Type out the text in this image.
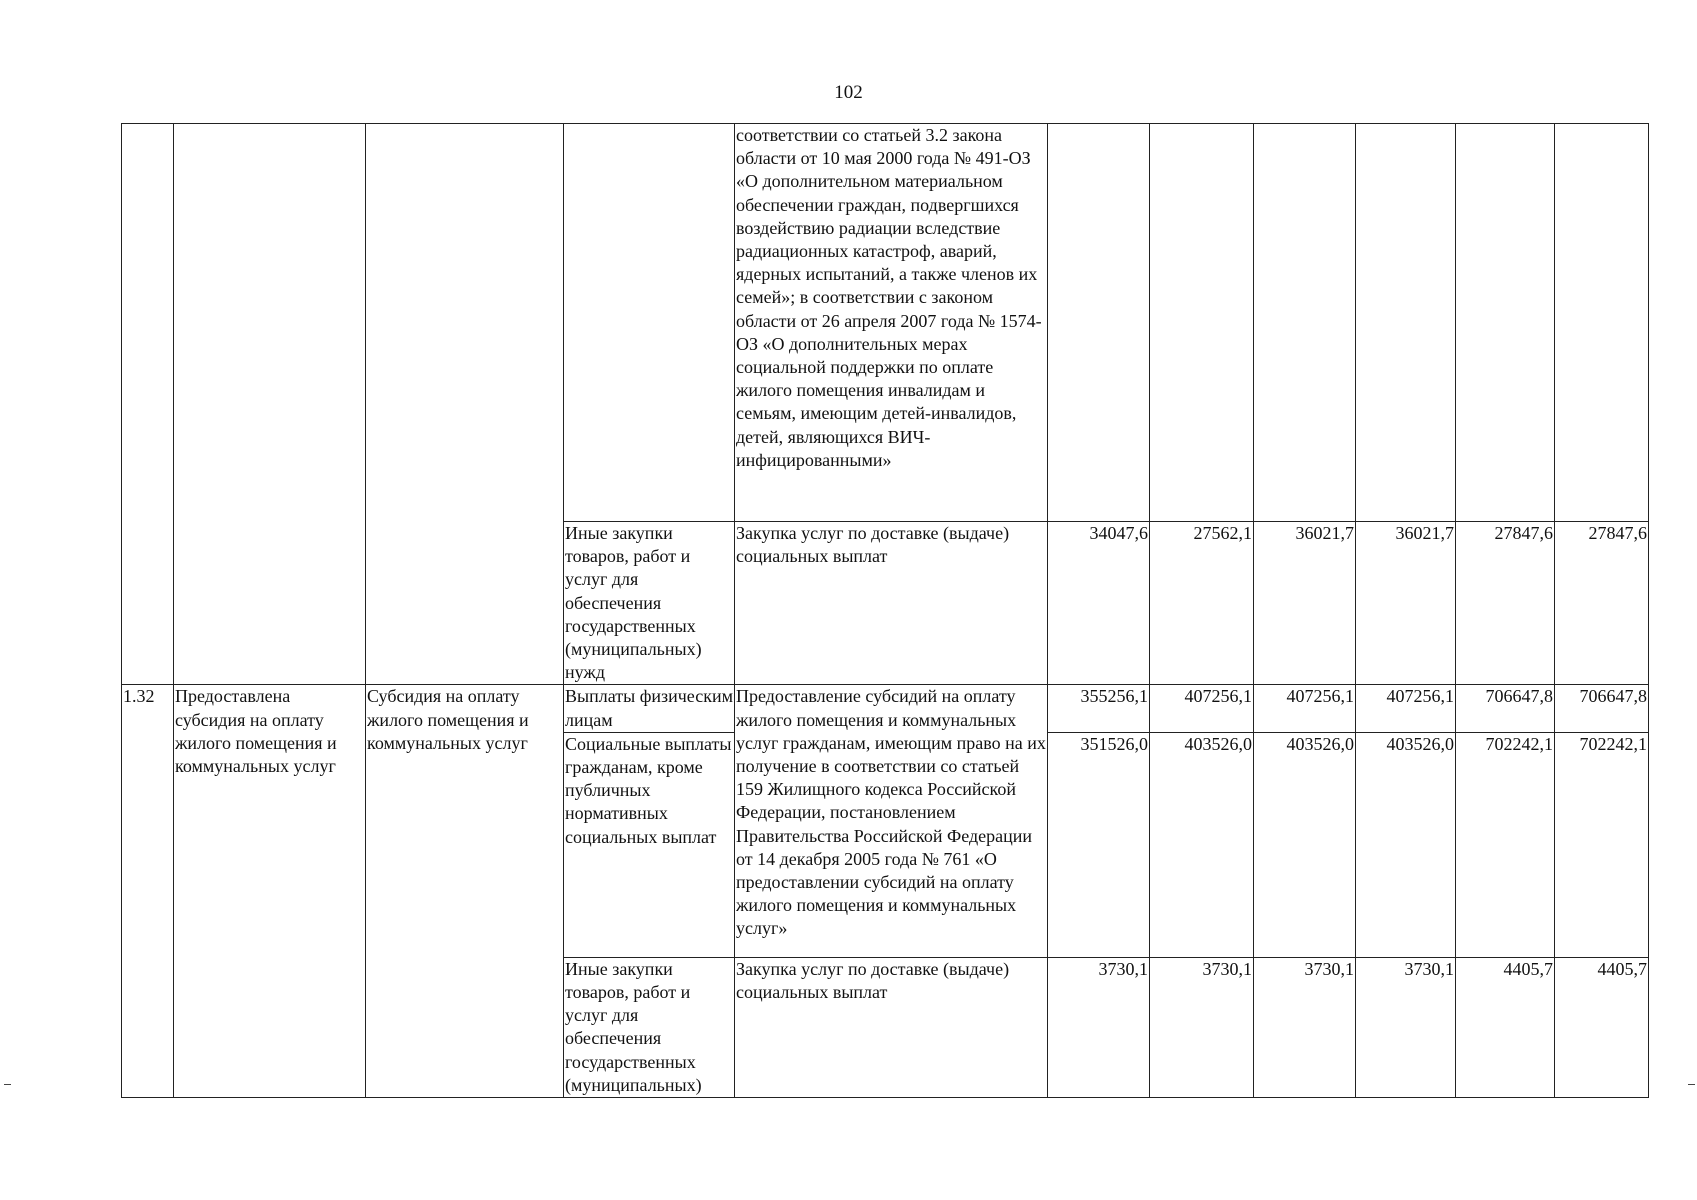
102
				соответствии со статьей 3.2 закона области от 10 мая 2000 года № 491-ОЗ «О дополнительном материальном обеспечении граждан, подвергшихся воздействию радиации вследствие радиационных катастроф, аварий, ядерных испытаний, а также членов их семей»; в соответствии с законом области от 26 апреля 2007 года № 1574-ОЗ «О дополнительных мерах социальной поддержки по оплате жилого помещения инвалидам и семьям, имеющим детей-инвалидов, детей, являющихся ВИЧ-инфицированными»						
			Иные закупки товаров, работ и услуг для обеспечения государственных (муниципальных) нужд	Закупка услуг по доставке (выдаче) социальных выплат	34047,6	27562,1	36021,7	36021,7	27847,6	27847,6
1.32	Предоставлена субсидия на оплату жилого помещения и коммунальных услуг	Субсидия на оплату жилого помещения и коммунальных услуг	Выплаты физическим лицам	Предоставление субсидий на оплату жилого помещения и коммунальных услуг гражданам, имеющим право на их получение в соответствии со статьей 159 Жилищного кодекса Российской Федерации, постановлением Правительства Российской Федерации от 14 декабря 2005 года № 761 «О предоставлении субсидий на оплату жилого помещения и коммунальных услуг»	355256,1	407256,1	407256,1	407256,1	706647,8	706647,8
			Социальные выплаты гражданам, кроме публичных нормативных социальных выплат		351526,0	403526,0	403526,0	403526,0	702242,1	702242,1
			Иные закупки товаров, работ и услуг для обеспечения государственных (муниципальных)	Закупка услуг по доставке (выдаче) социальных выплат	3730,1	3730,1	3730,1	3730,1	4405,7	4405,7
